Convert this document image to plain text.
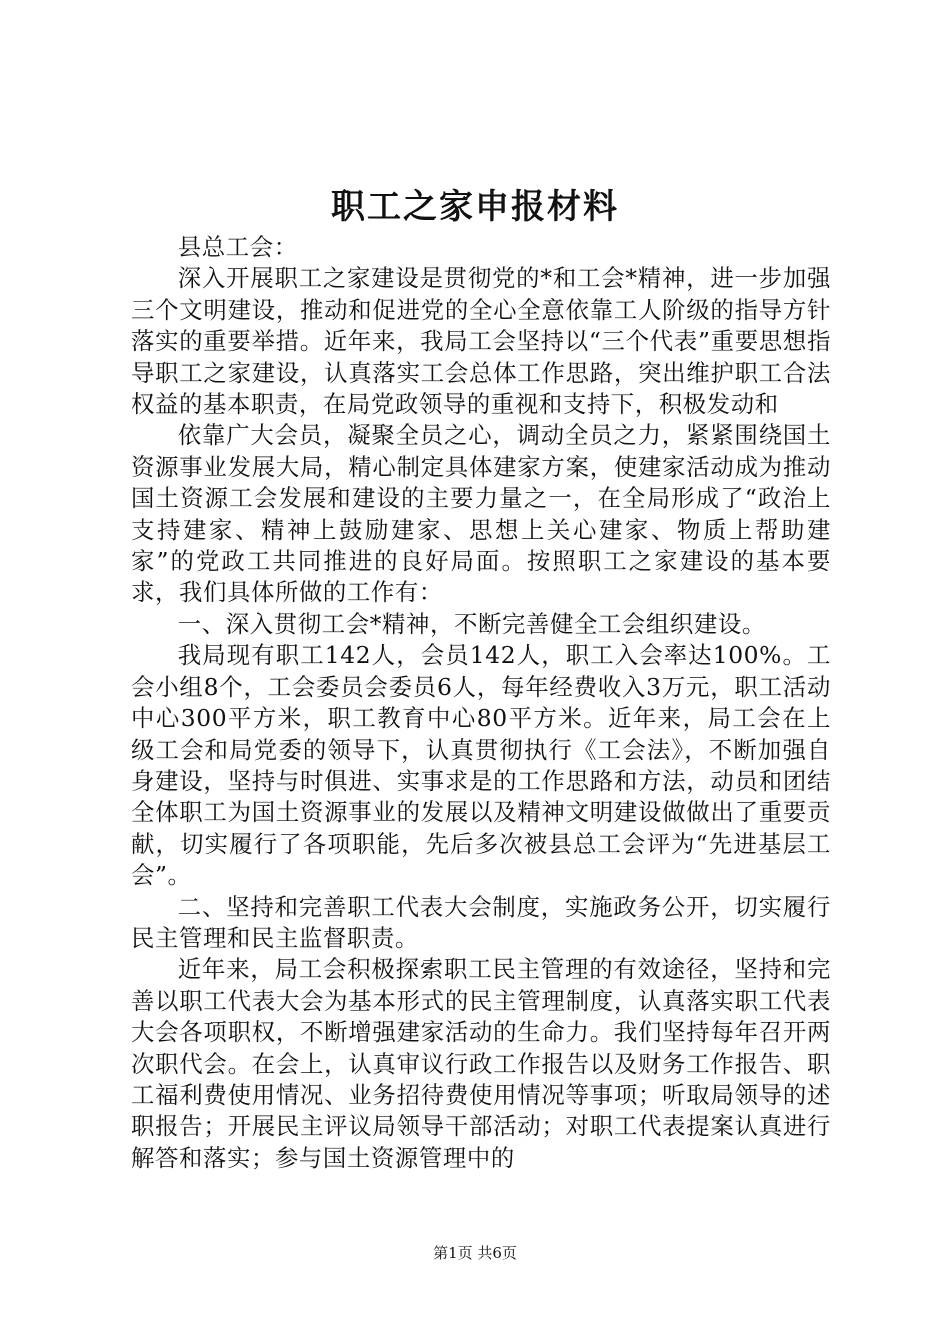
职工之家申报材料

县总工会：

深入开展职工之家建设是贯彻党的*和工会*精神，进一步加强三个文明建设，推动和促进党的全心全意依靠工人阶级的指导方针落实的重要举措。近年来，我局工会坚持以“三个代表”重要思想指导职工之家建设，认真落实工会总体工作思路，突出维护职工合法权益的基本职责，在局党政领导的重视和支持下，积极发动和

依靠广大会员，凝聚全员之心，调动全员之力，紧紧围绕国土资源事业发展大局，精心制定具体建家方案，使建家活动成为推动国土资源工会发展和建设的主要力量之一，在全局形成了“政治上支持建家、精神上鼓励建家、思想上关心建家、物质上帮助建家”的党政工共同推进的良好局面。按照职工之家建设的基本要求，我们具体所做的工作有：

一、深入贯彻工会*精神，不断完善健全工会组织建设。

我局现有职工142人，会员142人，职工入会率达100%。工会小组8个，工会委员会委员6人，每年经费收入3万元，职工活动中心300平方米，职工教育中心80平方米。近年来，局工会在上级工会和局党委的领导下，认真贯彻执行《工会法》，不断加强自身建设，坚持与时俱进、实事求是的工作思路和方法，动员和团结全体职工为国土资源事业的发展以及精神文明建设做做出了重要贡献，切实履行了各项职能，先后多次被县总工会评为“先进基层工会”。

二、坚持和完善职工代表大会制度，实施政务公开，切实履行民主管理和民主监督职责。

近年来，局工会积极探索职工民主管理的有效途径，坚持和完善以职工代表大会为基本形式的民主管理制度，认真落实职工代表大会各项职权，不断增强建家活动的生命力。我们坚持每年召开两次职代会。在会上，认真审议行政工作报告以及财务工作报告、职工福利费使用情况、业务招待费使用情况等事项；听取局领导的述职报告；开展民主评议局领导干部活动；对职工代表提案认真进行解答和落实；参与国土资源管理中的

第1页 共6页
